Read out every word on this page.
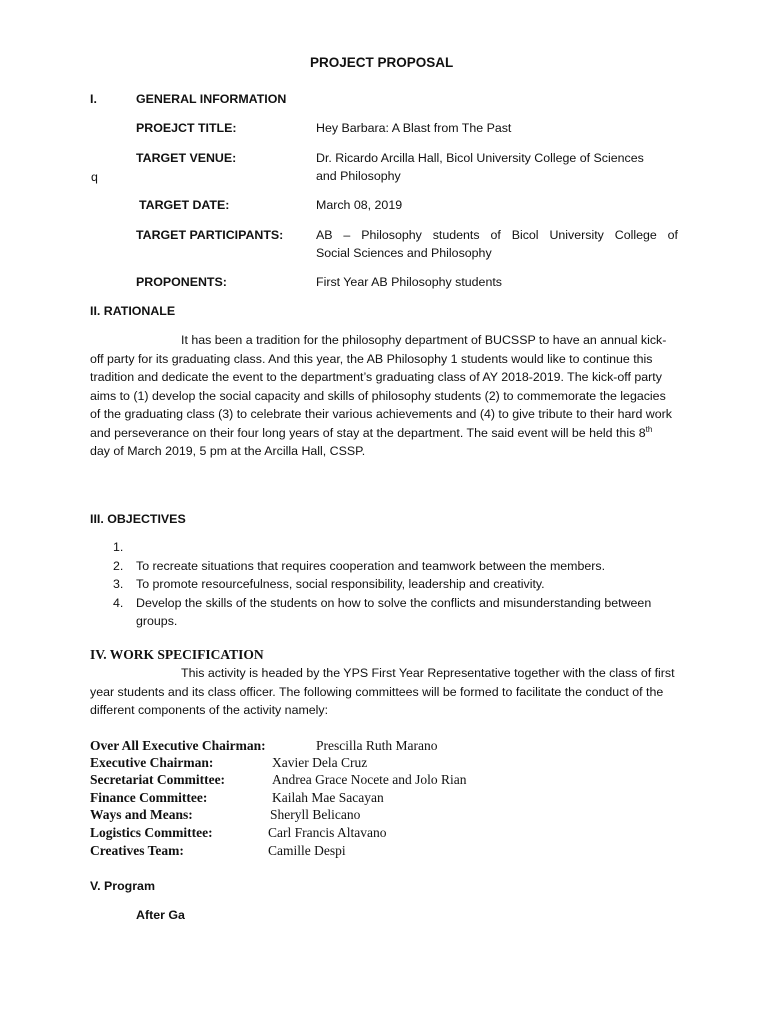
PROJECT PROPOSAL
I.	GENERAL INFORMATION
PROEJCT TITLE:	Hey Barbara: A Blast from The Past
TARGET VENUE:	Dr. Ricardo Arcilla Hall, Bicol University College of Sciences
and Philosophy
q
TARGET DATE:	March 08, 2019
TARGET PARTICIPANTS:	AB – Philosophy students of Bicol University College of
Social Sciences and Philosophy
PROPONENTS:	First Year AB Philosophy students
II. RATIONALE

It has been a tradition for the philosophy department of BUCSSP to have an annual kick-off party for its graduating class. And this year, the AB Philosophy 1 students would like to continue this tradition and dedicate the event to the department’s graduating class of AY 2018-2019. The kick-off party aims to (1) develop the social capacity and skills of philosophy students (2) to commemorate the legacies of the graduating class (3) to celebrate their various achievements and (4) to give tribute to their hard work and perseverance on their four long years of stay at the department. The said event will be held this 8th day of March 2019, 5 pm at the Arcilla Hall, CSSP.

III. OBJECTIVES
1.
2. To recreate situations that requires cooperation and teamwork between the members.
3. To promote resourcefulness, social responsibility, leadership and creativity.
4. Develop the skills of the students on how to solve the conflicts and misunderstanding between groups.
IV. WORK SPECIFICATION

This activity is headed by the YPS First Year Representative together with the class of first year students and its class officer. The following committees will be formed to facilitate the conduct of the different components of the activity namely:

Over All Executive Chairman:	Prescilla Ruth Marano
Executive Chairman:	Xavier Dela Cruz
Secretariat Committee:	Andrea Grace Nocete and Jolo Rian
Finance Committee:	Kailah Mae Sacayan
Ways and Means:	Sheryll Belicano
Logistics Committee:	Carl Francis Altavano
Creatives Team:	Camille Despi
V. Program
After Ga
